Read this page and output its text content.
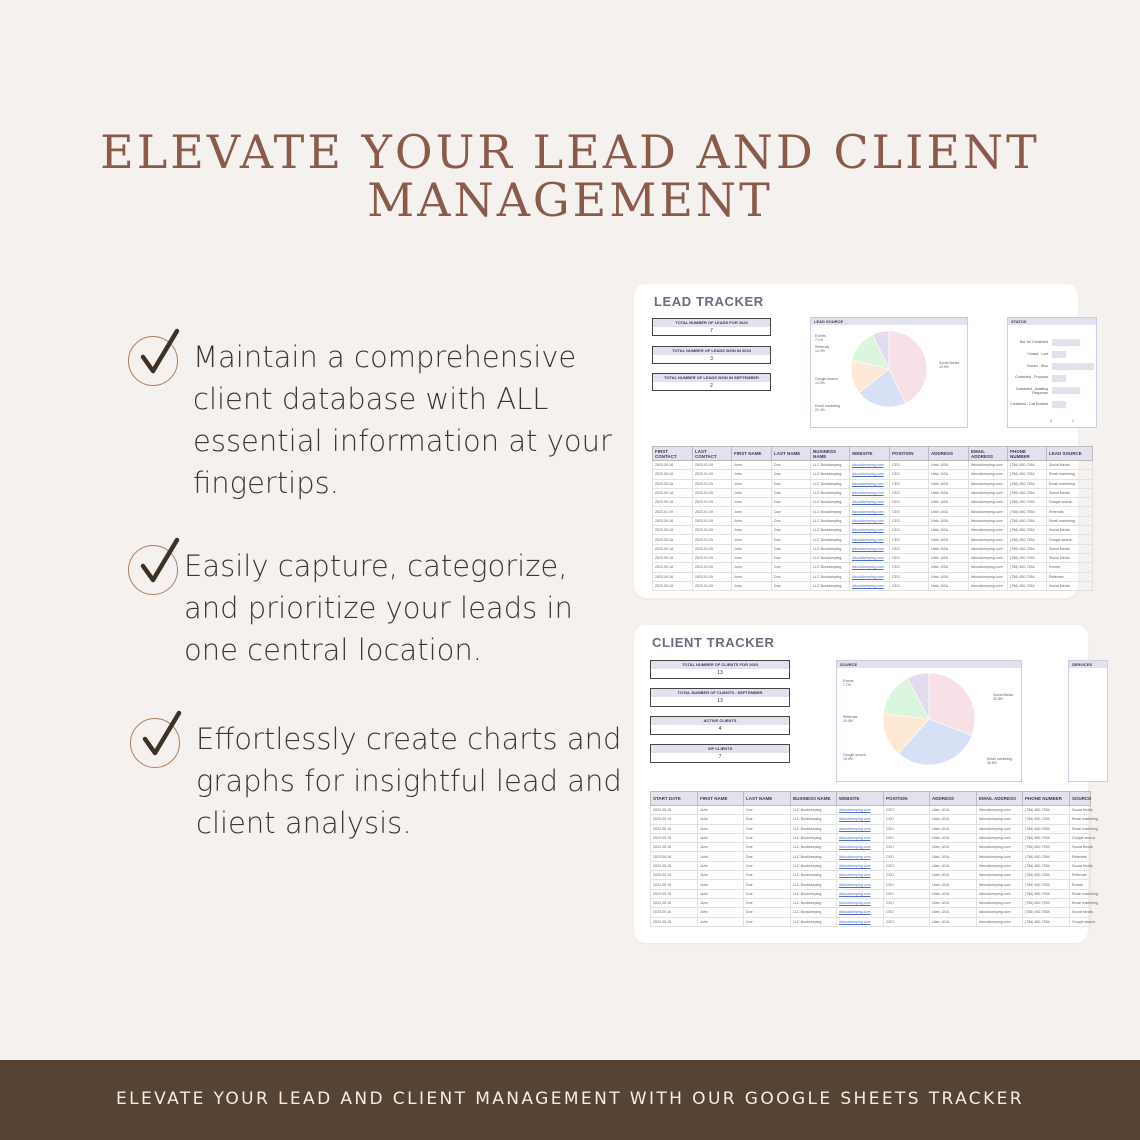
ELEVATE YOUR LEAD AND CLIENT
MANAGEMENT
Maintain a comprehensive client database with ALL essential information at your fingertips.
Easily capture, categorize, and prioritize your leads in one central location.
Effortlessly create charts and graphs for insightful lead and client analysis.
LEAD TRACKER
TOTAL NUMBER OF LEADS FOR 2023
7
TOTAL NUMBER OF LEADS WON IN 2023
3
TOTAL NUMBER OF LEADS WON IN SEPTEMBER
2
LEAD SOURCE
Events
7.1%
Referrals
14.3%
Google search
14.3%
Email marketing
21.4%
Social Media
42.9%
STATUS
Not Yet Contacted
Closed - Lost
Closed - Won
Contacted - Proposal
Contacted - Awaiting Response
Contacted - Call Booked
0	1
FIRST CONTACT	LAST CONTACT	FIRST NAME	LAST NAME	BUSINESS NAME	WEBSITE	POSITION	ADDRESS	EMAIL ADDRESS	PHONE NUMBER	LEAD SOURCE
2023.09.18	2023.01.09	John	Doe	LLC Bookkeeping	llcbookkeeping.com	CEO	Utah, USA	llcbookkeeping.com	(756) 450-7554	Social Media
2023.09.18	2023.01.09	John	Doe	LLC Bookkeeping	llcbookkeeping.com	CEO	Utah, USA	llcbookkeeping.com	(756) 450-7554	Email marketing
2023.09.18	2023.01.09	John	Doe	LLC Bookkeeping	llcbookkeeping.com	CEO	Utah, USA	llcbookkeeping.com	(756) 450-7554	Email marketing
2023.09.18	2023.01.09	John	Doe	LLC Bookkeeping	llcbookkeeping.com	CEO	Utah, USA	llcbookkeeping.com	(756) 450-7554	Social Media
2023.09.18	2023.01.09	John	Doe	LLC Bookkeeping	llcbookkeeping.com	CEO	Utah, USA	llcbookkeeping.com	(756) 450-7554	Google search
2023.01.09	2023.01.09	John	Doe	LLC Bookkeeping	llcbookkeeping.com	CEO	Utah, USA	llcbookkeeping.com	(756) 450-7554	Referrals
2023.09.18	2023.01.09	John	Doe	LLC Bookkeeping	llcbookkeeping.com	CEO	Utah, USA	llcbookkeeping.com	(756) 450-7554	Email marketing
2023.09.18	2023.01.09	John	Doe	LLC Bookkeeping	llcbookkeeping.com	CEO	Utah, USA	llcbookkeeping.com	(756) 450-7554	Social Media
2023.09.18	2023.01.09	John	Doe	LLC Bookkeeping	llcbookkeeping.com	CEO	Utah, USA	llcbookkeeping.com	(756) 450-7554	Google search
2023.09.18	2023.01.09	John	Doe	LLC Bookkeeping	llcbookkeeping.com	CEO	Utah, USA	llcbookkeeping.com	(756) 450-7554	Social Media
2023.09.18	2023.01.09	John	Doe	LLC Bookkeeping	llcbookkeeping.com	CEO	Utah, USA	llcbookkeeping.com	(756) 450-7554	Social Media
2023.09.18	2023.01.09	John	Doe	LLC Bookkeeping	llcbookkeeping.com	CEO	Utah, USA	llcbookkeeping.com	(756) 450-7554	Events
2023.09.18	2023.01.09	John	Doe	LLC Bookkeeping	llcbookkeeping.com	CEO	Utah, USA	llcbookkeeping.com	(756) 450-7554	Referrals
2023.09.18	2023.01.09	John	Doe	LLC Bookkeeping	llcbookkeeping.com	CEO	Utah, USA	llcbookkeeping.com	(756) 450-7554	Social Media
CLIENT TRACKER
TOTAL NUMBER OF CLIENTS FOR 2023
13
TOTAL NUMBER OF CLIENTS - SEPTEMBER
13
ACTIVE CLIENTS
4
VIP CLIENTS
7
SOURCE
Events
7.7%
Referrals
15.4%
Google search
15.4%	Email marketing
30.8%
Social Media
30.8%
SERVICES
START DATE	FIRST NAME	LAST NAME	BUSINESS NAME	WEBSITE	POSITION	ADDRESS	EMAIL ADDRESS	PHONE NUMBER	SOURCE
2023.09.18	John	Doe	LLC Bookkeeping	llcbookkeeping.com	CEO	Utah, USA	llcbookkeeping.com	(756) 450-7554	Social Media
2023.09.18	John	Doe	LLC Bookkeeping	llcbookkeeping.com	CEO	Utah, USA	llcbookkeeping.com	(756) 450-7554	Email marketing
2023.09.18	John	Doe	LLC Bookkeeping	llcbookkeeping.com	CEO	Utah, USA	llcbookkeeping.com	(756) 450-7554	Email marketing
2023.09.18	John	Doe	LLC Bookkeeping	llcbookkeeping.com	CEO	Utah, USA	llcbookkeeping.com	(756) 450-7554	Google search
2023.09.18	John	Doe	LLC Bookkeeping	llcbookkeeping.com	CEO	Utah, USA	llcbookkeeping.com	(756) 450-7554	Social Media
2023.09.18	John	Doe	LLC Bookkeeping	llcbookkeeping.com	CEO	Utah, USA	llcbookkeeping.com	(756) 450-7554	Referrals
2023.09.18	John	Doe	LLC Bookkeeping	llcbookkeeping.com	CEO	Utah, USA	llcbookkeeping.com	(756) 450-7554	Social Media
2023.09.18	John	Doe	LLC Bookkeeping	llcbookkeeping.com	CEO	Utah, USA	llcbookkeeping.com	(756) 450-7554	Referrals
2023.09.18	John	Doe	LLC Bookkeeping	llcbookkeeping.com	CEO	Utah, USA	llcbookkeeping.com	(756) 450-7554	Events
2023.09.18	John	Doe	LLC Bookkeeping	llcbookkeeping.com	CEO	Utah, USA	llcbookkeeping.com	(756) 450-7554	Email marketing
2023.09.18	John	Doe	LLC Bookkeeping	llcbookkeeping.com	CEO	Utah, USA	llcbookkeeping.com	(756) 450-7554	Email marketing
2023.09.18	John	Doe	LLC Bookkeeping	llcbookkeeping.com	CEO	Utah, USA	llcbookkeeping.com	(756) 450-7554	Social Media
2023.09.18	John	Doe	LLC Bookkeeping	llcbookkeeping.com	CEO	Utah, USA	llcbookkeeping.com	(756) 450-7554	Google search
ELEVATE YOUR LEAD AND CLIENT MANAGEMENT WITH OUR GOOGLE SHEETS TRACKER
